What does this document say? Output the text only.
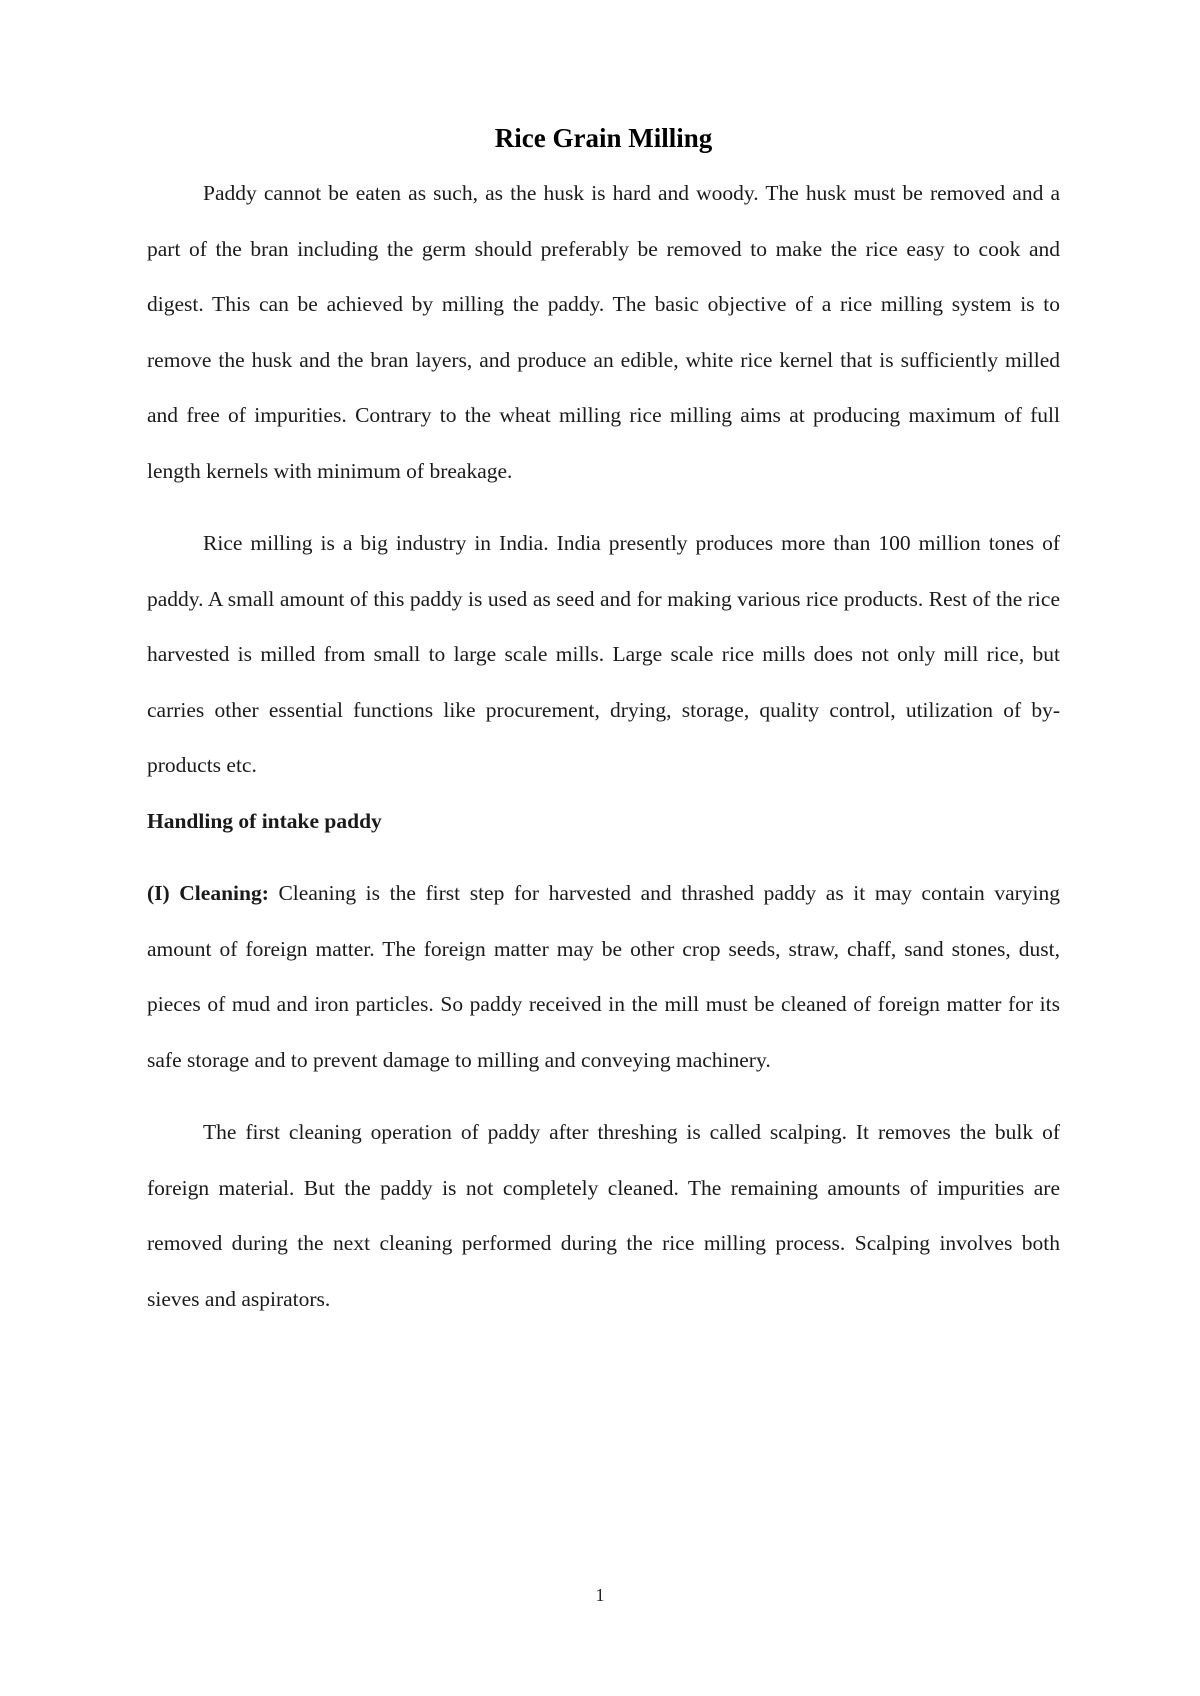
Rice Grain Milling

Paddy cannot be eaten as such, as the husk is hard and woody. The husk must be removed and a part of the bran including the germ should preferably be removed to make the rice easy to cook and digest. This can be achieved by milling the paddy. The basic objective of a rice milling system is to remove the husk and the bran layers, and produce an edible, white rice kernel that is sufficiently milled and free of impurities. Contrary to the wheat milling rice milling aims at producing maximum of full length kernels with minimum of breakage.

Rice milling is a big industry in India. India presently produces more than 100 million tones of paddy. A small amount of this paddy is used as seed and for making various rice products. Rest of the rice harvested is milled from small to large scale mills. Large scale rice mills does not only mill rice, but carries other essential functions like procurement, drying, storage, quality control, utilization of by-products etc.

Handling of intake paddy

(I) Cleaning: Cleaning is the first step for harvested and thrashed paddy as it may contain varying amount of foreign matter. The foreign matter may be other crop seeds, straw, chaff, sand stones, dust, pieces of mud and iron particles. So paddy received in the mill must be cleaned of foreign matter for its safe storage and to prevent damage to milling and conveying machinery.

The first cleaning operation of paddy after threshing is called scalping. It removes the bulk of foreign material. But the paddy is not completely cleaned. The remaining amounts of impurities are removed during the next cleaning performed during the rice milling process. Scalping involves both sieves and aspirators.

1
